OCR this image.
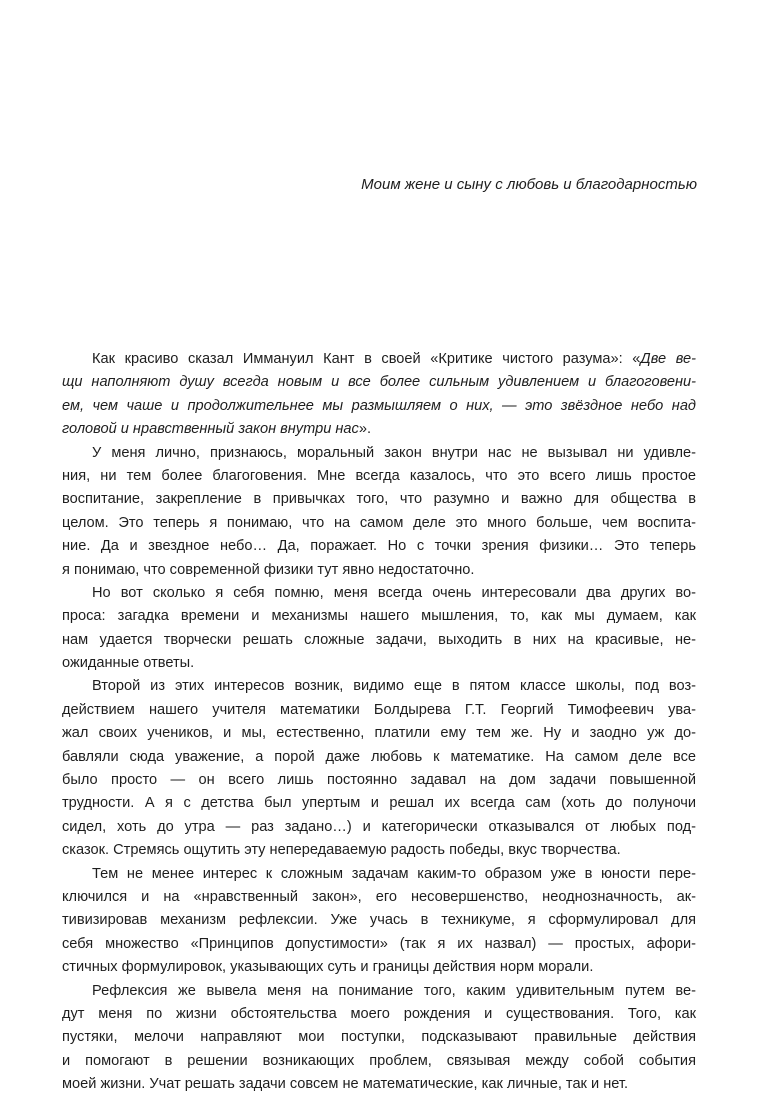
Моим жене и сыну с любовь и благодарностью
Как красиво сказал Иммануил Кант в своей «Критике чистого разума»: «Две ве-
щи наполняют душу всегда новым и все более сильным удивлением и благоговени-
ем, чем чаше и продолжительнее мы размышляем о них, — это звёздное небо над
головой и нравственный закон внутри нас».
У меня лично, признаюсь, моральный закон внутри нас не вызывал ни удивле-
ния, ни тем более благоговения. Мне всегда казалось, что это всего лишь простое
воспитание, закрепление в привычках того, что разумно и важно для общества в
целом. Это теперь я понимаю, что на самом деле это много больше, чем воспита-
ние. Да и звездное небо… Да, поражает. Но с точки зрения физики… Это теперь
я понимаю, что современной физики тут явно недостаточно.
Но вот сколько я себя помню, меня всегда очень интересовали два других во-
проса: загадка времени и механизмы нашего мышления, то, как мы думаем, как
нам удается творчески решать сложные задачи, выходить в них на красивые, не-
ожиданные ответы.
Второй из этих интересов возник, видимо еще в пятом классе школы, под воз-
действием нашего учителя математики Болдырева Г.Т. Георгий Тимофеевич ува-
жал своих учеников, и мы, естественно, платили ему тем же. Ну и заодно уж до-
бавляли сюда уважение, а порой даже любовь к математике. На самом деле все
было просто — он всего лишь постоянно задавал на дом задачи повышенной
трудности. А я с детства был упертым и решал их всегда сам (хоть до полуночи
сидел, хоть до утра — раз задано…) и категорически отказывался от любых под-
сказок. Стремясь ощутить эту непередаваемую радость победы, вкус творчества.
Тем не менее интерес к сложным задачам каким-то образом уже в юности пере-
ключился и на «нравственный закон», его несовершенство, неоднозначность, ак-
тивизировав механизм рефлексии. Уже учась в техникуме, я сформулировал для
себя множество «Принципов допустимости» (так я их назвал) — простых, афори-
стичных формулировок, указывающих суть и границы действия норм морали.
Рефлексия же вывела меня на понимание того, каким удивительным путем ве-
дут меня по жизни обстоятельства моего рождения и существования. Того, как
пустяки, мелочи направляют мои поступки, подсказывают правильные действия
и помогают в решении возникающих проблем, связывая между собой события
моей жизни. Учат решать задачи совсем не математические, как личные, так и нет.
